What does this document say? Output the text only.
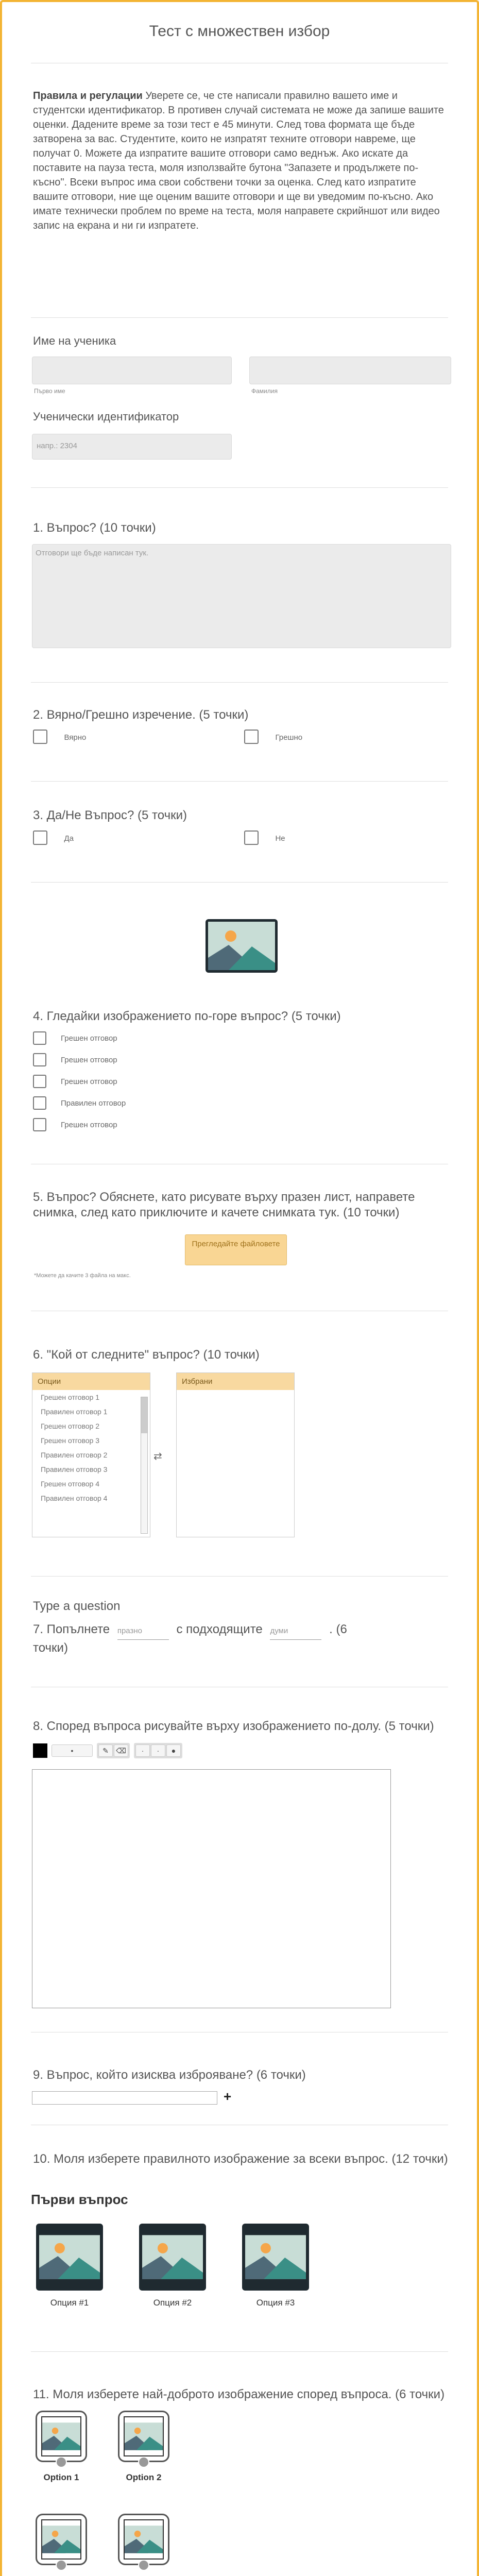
Тест с множествен избор
Правила и регулации Уверете се, че сте написали правилно вашето име и студентски идентификатор. В противен случай системата не може да запише вашите оценки. Дадените време за този тест е 45 минути. След това формата ще бъде затворена за вас. Студентите, които не изпратят техните отговори навреме, ще получат 0. Можете да изпратите вашите отговори само веднъж. Ако искате да поставите на пауза теста, моля използвайте бутона "Запазете и продължете по-късно". Всеки въпрос има свои собствени точки за оценка. След като изпратите вашите отговори, ние ще оценим вашите отговори и ще ви уведомим по-късно. Ако имате технически проблем по време на теста, моля направете скрийншот или видео запис на екрана и ни ги изпратете.
Име на ученика
Първо име	Фамилия
Ученически идентификатор
напр.: 2304
1. Въпрос? (10 точки)
Отговори ще бъде написан тук.
2. Вярно/Грешно изречение. (5 точки)
Вярно	Грешно
3. Да/Не Въпрос? (5 точки)
Да	Не
4. Гледайки изображението по-горе въпрос? (5 точки)
Грешен отговор
Грешен отговор
Грешен отговор
Правилен отговор
Грешен отговор
5. Въпрос? Обяснете, като рисувате върху празен лист, направете снимка, след като приключите и качете снимката тук. (10 точки)
Прегледайте файловете
*Можете да качите 3 файла на макс.
6. "Кой от следните" въпрос? (10 точки)
Опции
Грешен отговор 1
Правилен отговор 1
Грешен отговор 2
Грешен отговор 3
Правилен отговор 2
Правилен отговор 3
Грешен отговор 4
Правилен отговор 4
⇄
Избрани
Type a question
7. Попълнете празно	с подходящите думи	. (6
точки)
8. Според въпроса рисувайте върху изображението по-долу. (5 точки)
•	✎	⌫	·	∙	●
9. Въпрос, който изисква изброяване? (6 точки)
+
10. Моля изберете правилното изображение за всеки въпрос. (12 точки)
Първи въпрос
Опция #1	Опция #2	Опция #3
11. Моля изберете най-доброто изображение според въпроса. (6 точки)
Option 1	Option 2
